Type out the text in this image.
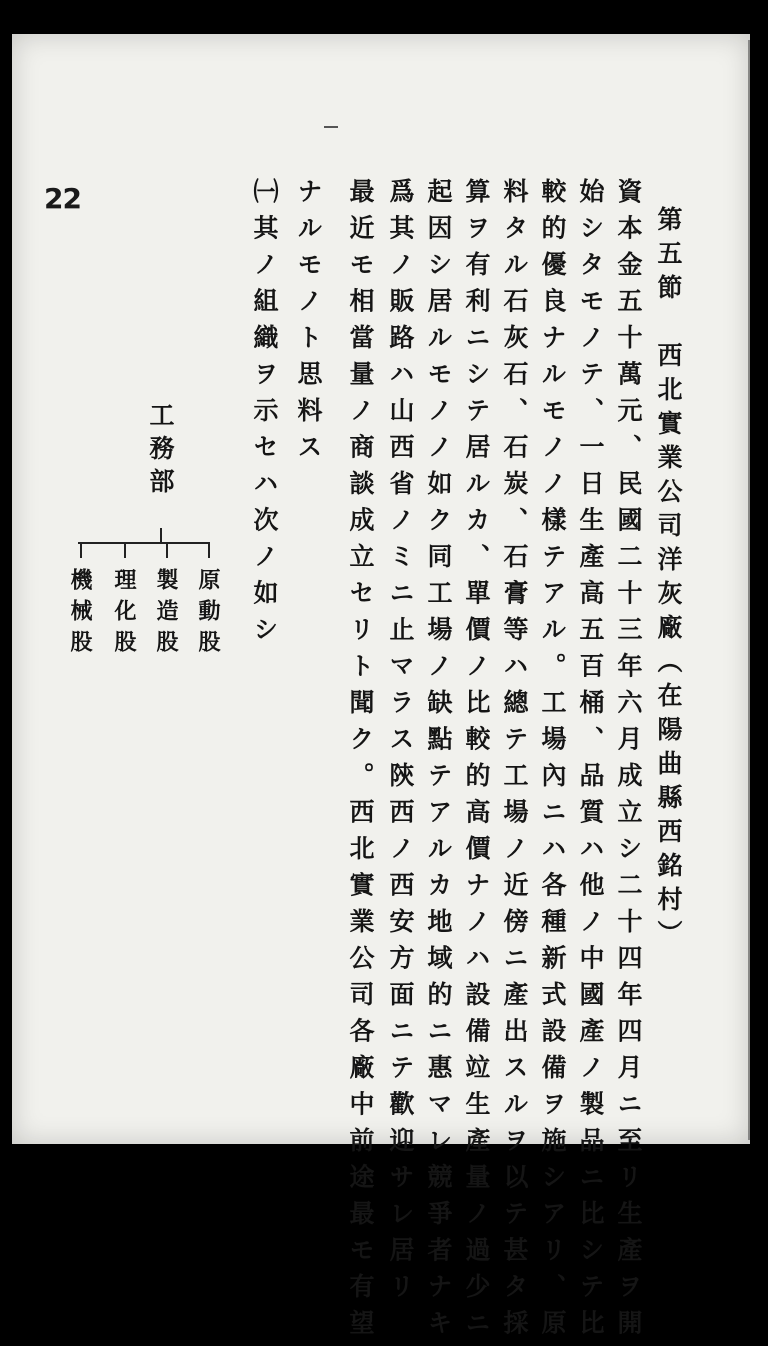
22
第五節　西北實業公司洋灰廠（在陽曲縣西銘村）
資本金五十萬元、民國二十三年六月成立シ二十四年四月ニ至リ生產ヲ開
始シタモノテ、一日生產高五百桶、品質ハ他ノ中國產ノ製品ニ比シテ比
較的優良ナルモノノ樣テアル。工場內ニハ各種新式設備ヲ施シアリ、原
料タル石灰石、石炭、石膏等ハ總テ工場ノ近傍ニ產出スルヲ以テ甚タ採
算ヲ有利ニシテ居ルカ、單價ノ比較的高價ナノハ設備竝生產量ノ過少ニ
起因シ居ルモノノ如ク同工場ノ缺點テアルカ地域的ニ惠マレ競爭者ナキ
爲其ノ販路ハ山西省ノミニ止マラス陝西ノ西安方面ニテ歡迎サレ居リ
最近モ相當量ノ商談成立セリト聞ク。西北實業公司各廠中前途最モ有望
ナルモノト思料ス
㈠其ノ組織ヲ示セハ次ノ如シ
工務部
原動股
製造股
理化股
機械股
